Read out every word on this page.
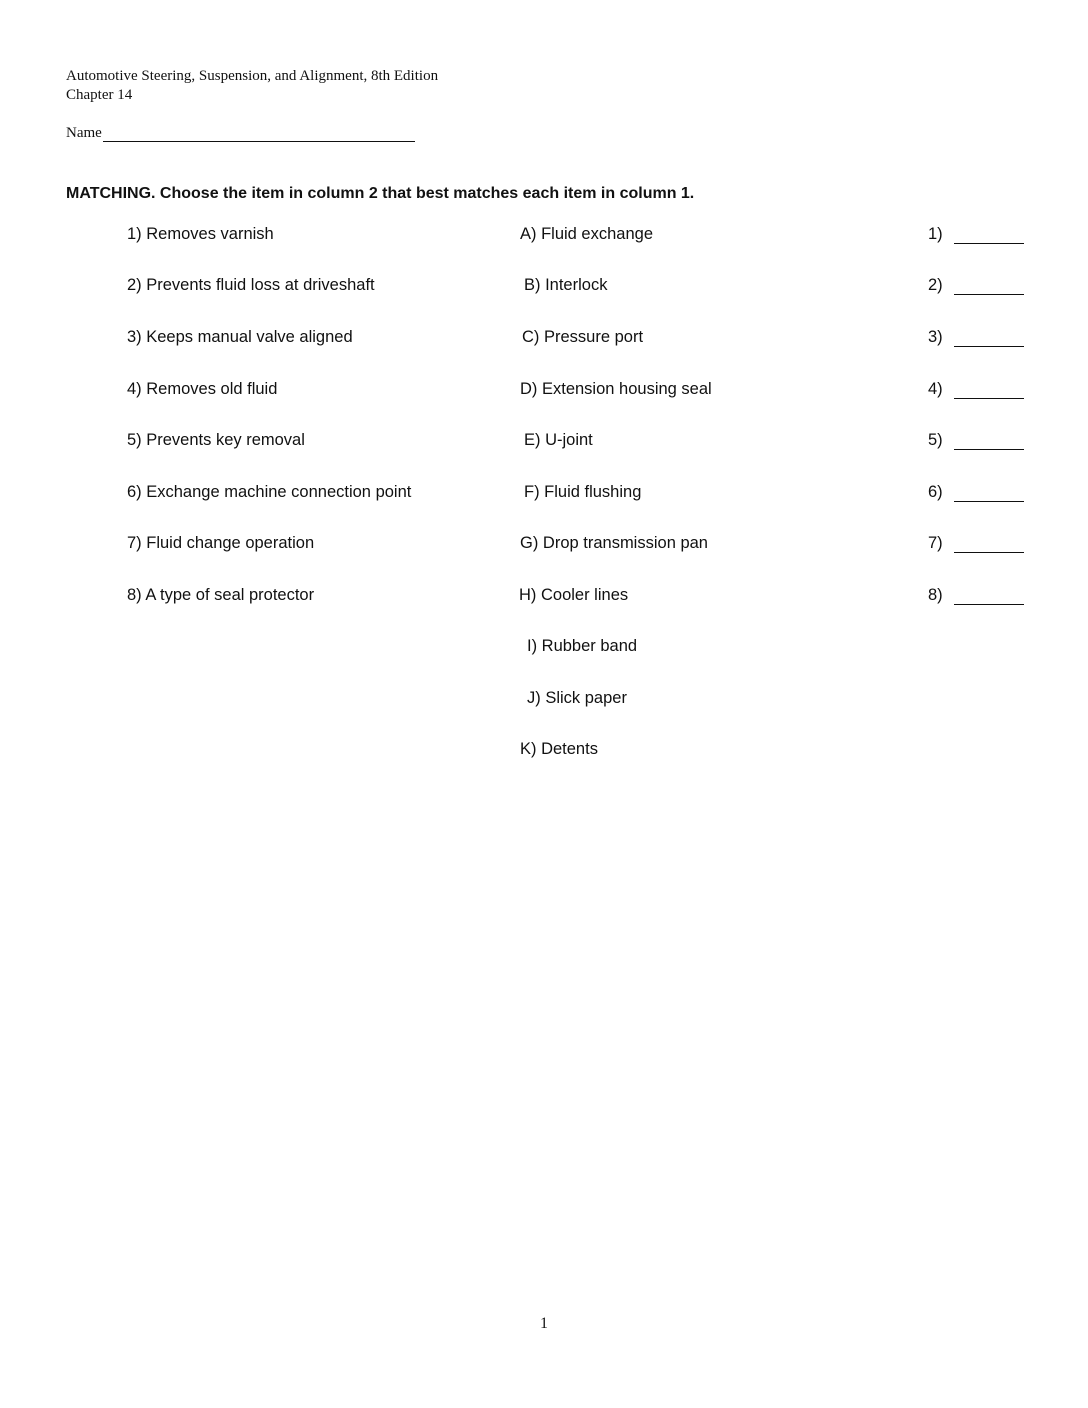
Automotive Steering, Suspension, and Alignment, 8th Edition
Chapter 14
Name
MATCHING. Choose the item in column 2 that best matches each item in column 1.
1) Removes varnish
2) Prevents fluid loss at driveshaft
3) Keeps manual valve aligned
4) Removes old fluid
5) Prevents key removal
6) Exchange machine connection point
7) Fluid change operation
8) A type of seal protector
A) Fluid exchange
B) Interlock
C) Pressure port
D) Extension housing seal
E) U-joint
F) Fluid flushing
G) Drop transmission pan
H) Cooler lines
I) Rubber band
J) Slick paper
K) Detents
1)
2)
3)
4)
5)
6)
7)
8)
1
